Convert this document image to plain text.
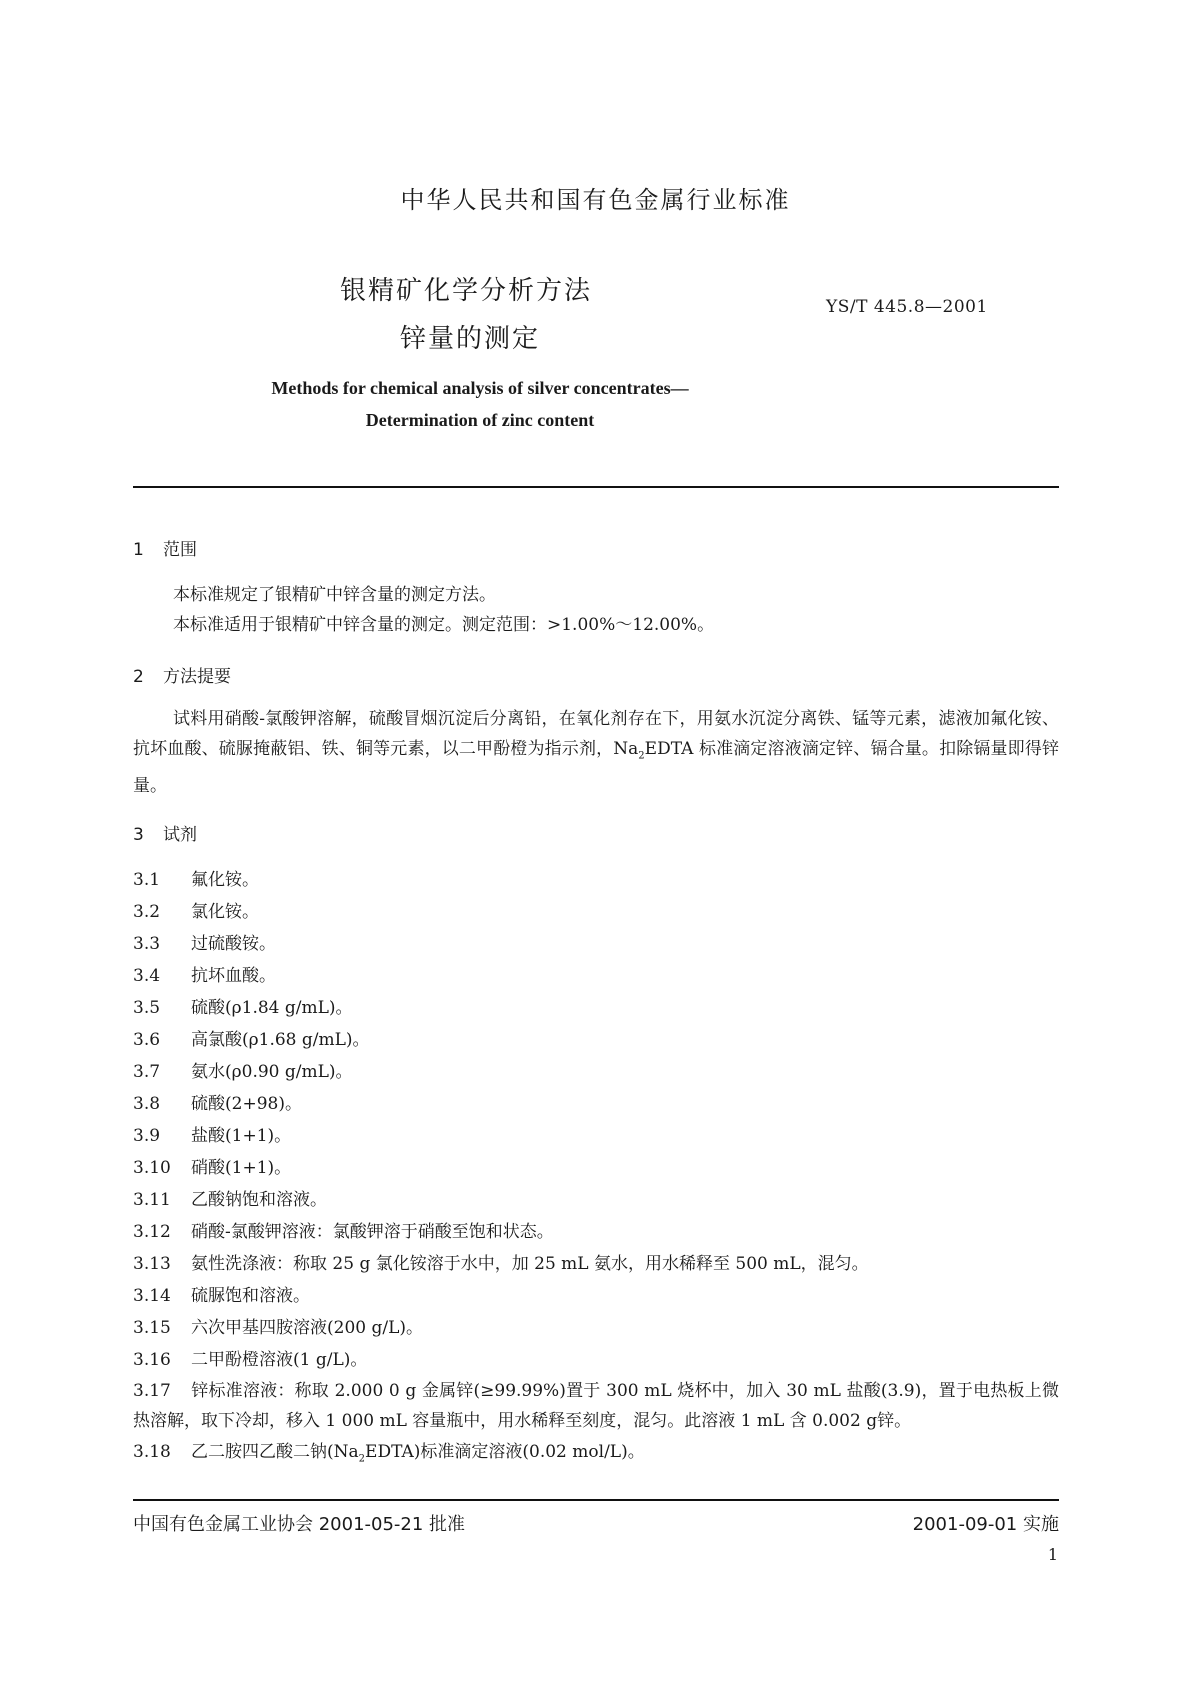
中华人民共和国有色金属行业标准
银精矿化学分析方法
锌量的测定
YS/T 445.8—2001
Methods for chemical analysis of silver concentrates—
Determination of zinc content
1 范围
本标准规定了银精矿中锌含量的测定方法。
本标准适用于银精矿中锌含量的测定。测定范围：>1.00%～12.00%。
2 方法提要
试料用硝酸-氯酸钾溶解，硫酸冒烟沉淀后分离铅，在氧化剂存在下，用氨水沉淀分离铁、锰等元素，滤液加氟化铵、抗坏血酸、硫脲掩蔽铝、铁、铜等元素，以二甲酚橙为指示剂，$Na_2EDTA$ 标准滴定溶液滴定锌、镉合量。扣除镉量即得锌量。
3 试剂
3.1 氟化铵。
3.2 氯化铵。
3.3 过硫酸铵。
3.4 抗坏血酸。
3.5 硫酸(ρ1.84 g/mL)。
3.6 高氯酸(ρ1.68 g/mL)。
3.7 氨水(ρ0.90 g/mL)。
3.8 硫酸(2+98)。
3.9 盐酸(1+1)。
3.10 硝酸(1+1)。
3.11 乙酸钠饱和溶液。
3.12 硝酸-氯酸钾溶液：氯酸钾溶于硝酸至饱和状态。
3.13 氨性洗涤液：称取 25 g 氯化铵溶于水中，加 25 mL 氨水，用水稀释至 500 mL，混匀。
3.14 硫脲饱和溶液。
3.15 六次甲基四胺溶液(200 g/L)。
3.16 二甲酚橙溶液(1 g/L)。
3.17 锌标准溶液：称取 2.000 0 g 金属锌(≥99.99%)置于 300 mL 烧杯中，加入 30 mL 盐酸(3.9)，置于电热板上微热溶解，取下冷却，移入 1 000 mL 容量瓶中，用水稀释至刻度，混匀。此溶液 1 mL 含 0.002 g锌。
3.18 乙二胺四乙酸二钠$(Na_2EDTA)$标准滴定溶液(0.02 mol/L)。
中国有色金属工业协会 2001-05-21 批准	2001-09-01 实施
1
